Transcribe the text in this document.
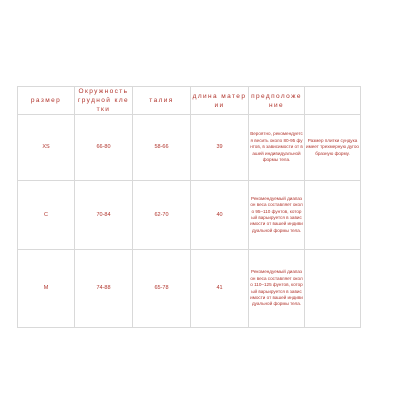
размер	Окружность грудной клетки	талия	длина материи	предположение	
XS	66-80	58-66	39	Вероятно, рекомендуется весить около 80-95 фунтов, в зависимости от вашей индивидуальной формы тела.	Размер плитки сундука имеет трехмерную дугообразную форму.
С	70-84	62-70	40	Рекомендуемый диапазон веса составляет около 95–110 фунтов, который варьируется в зависимости от вашей индивидуальной формы тела.	
М	74-88	65-78	41	Рекомендуемый диапазон веса составляет около 110–125 фунтов, который варьируется в зависимости от вашей индивидуальной формы тела.	
